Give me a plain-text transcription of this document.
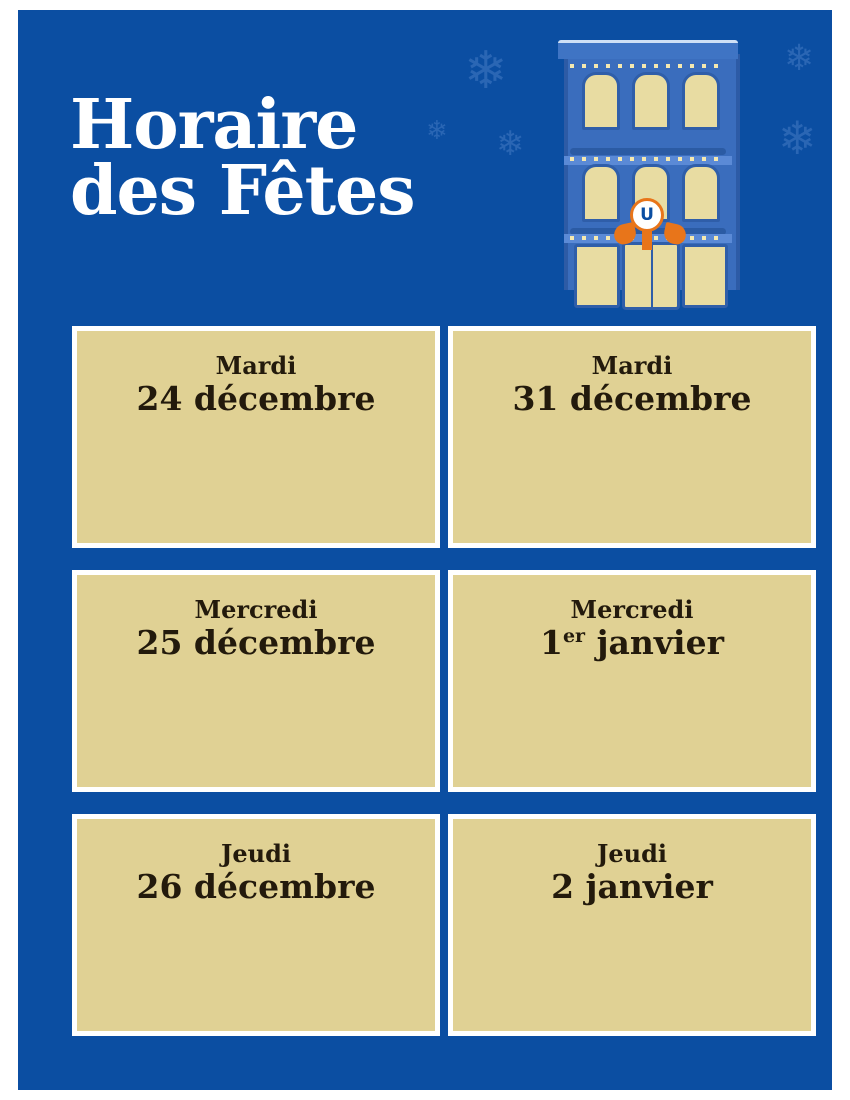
❄
❄ ❄
❄
❄
Horaire
des Fêtes	U

Mardi

24 décembre

Mardi

31 décembre

Mercredi

25 décembre

Mercredi

1er janvier

Jeudi

26 décembre

Jeudi

2 janvier
